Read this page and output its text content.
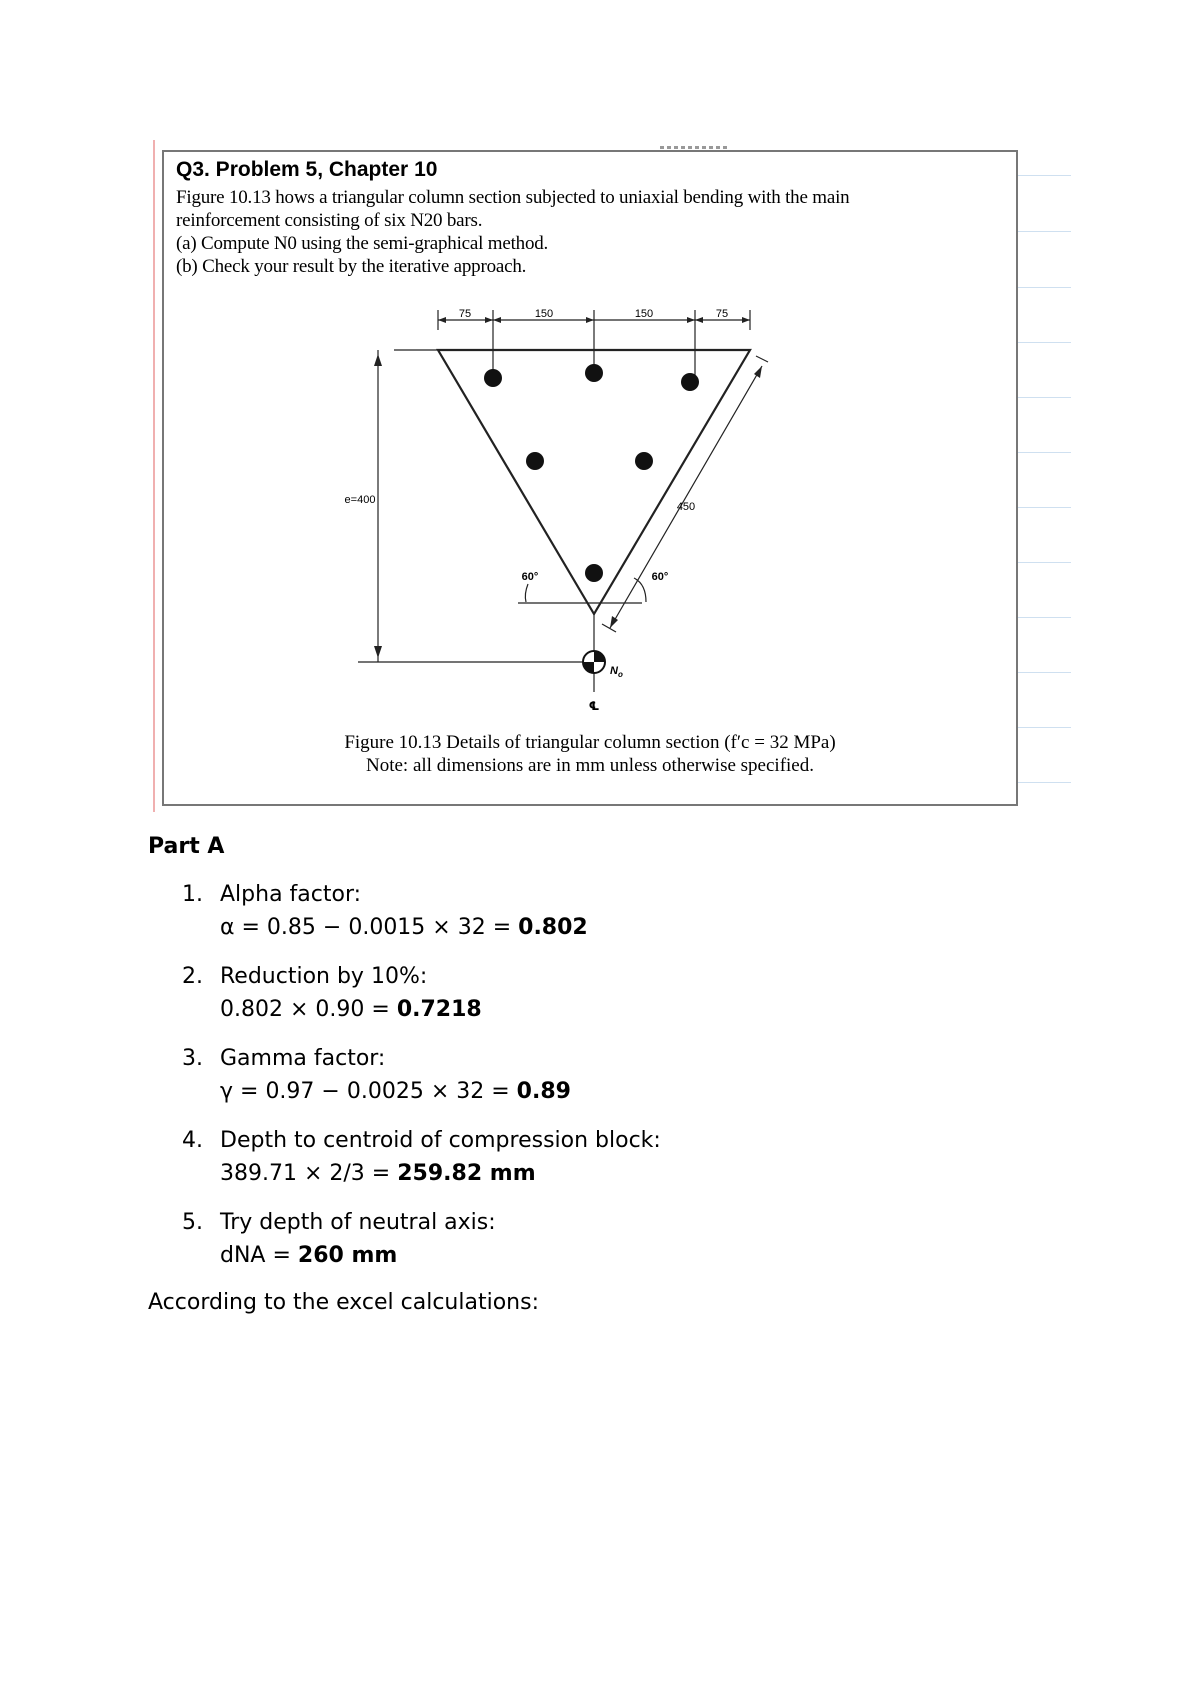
Q3. Problem 5, Chapter 10

Figure 10.13 hows a triangular column section subjected to uniaxial bending with the main
reinforcement consisting of six N20 bars.
(a) Compute N0 using the semi-graphical method.
(b) Check your result by the iterative approach.
75	150	150	75
e=400
450
60°	60°
$N_o$
℄

Figure 10.13 Details of triangular column section (f′c = 32 MPa)

Note: all dimensions are in mm unless otherwise specified.

Part A

1. Alpha factor:
α = 0.85 − 0.0015 × 32 = 0.802
2. Reduction by 10%:
0.802 × 0.90 = 0.7218
3. Gamma factor:
γ = 0.97 − 0.0025 × 32 = 0.89
4. Depth to centroid of compression block:
389.71 × 2/3 = 259.82 mm
5. Try depth of neutral axis:
dNA = 260 mm

According to the excel calculations:
